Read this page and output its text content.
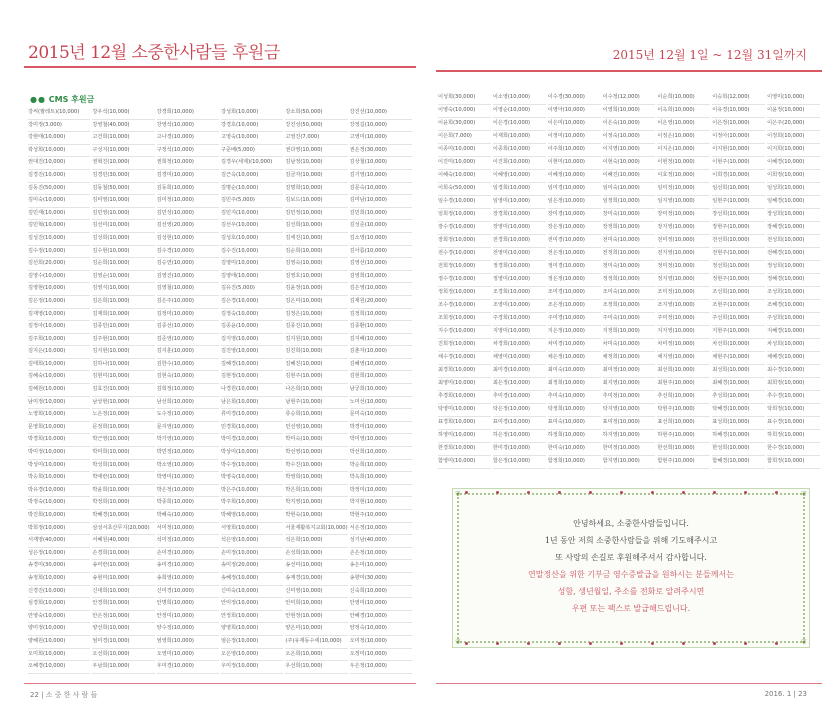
2015년 12월 소중한사람들 후원금	2015년 12월 1일 ~ 12월 31일까지
●● CMS 후원금
강씨(팔레트)(10,000)	강우석(10,000)	강경희(10,000)	강성희(10,000)	강소희(50,000)	강진선(10,000)
강미정(3,000)	강영철(40,000)	강영석(10,000)	강경호(10,000)	강진성(50,000)	강정길(10,000)
강현태(10,000)	고건희(10,000)	고나경(10,000)	고영숙(10,000)	고영진(7,000)	고영미(10,000)
곽성희(10,000)	구성지(10,000)	구정석(10,000)	구준배(5,000)	권다영(10,000)	권은정(30,000)
권대진(10,000)	권혁진(10,000)	권희정(10,000)	김경우(세제)(10,000)	김남정(10,000)	김상철(10,000)
김경진(10,000)	김경민(30,000)	김경미(10,000)	김근옥(10,000)	김금자(10,000)	김기영(10,000)
김동진(50,000)	김동철(50,000)	김동희(10,000)	김명순(10,000)	김명희(10,000)	김문숙(10,000)
김미숙(10,000)	김미영(10,000)	김미정(10,000)	김민주(5,000)	김보드(10,000)	김미남(10,000)
김민재(10,000)	김민영(10,000)	김민성(10,000)	김민지(10,000)	김민정(10,000)	김민희(10,000)
김민혁(10,000)	김선미(10,000)	김선영(20,000)	김선우(10,000)	김선희(10,000)	김성준(10,000)
김성진(10,000)	김성희(10,000)	김성현(10,000)	김성호(10,000)	김세진(10,000)	김소영(10,000)
김수정(10,000)	김수현(10,000)	김수경(10,000)	김수진(10,000)	김순희(10,000)	김아름(10,000)
김선희(20,000)	김순희(10,000)	김승연(10,000)	김영미(10,000)	김영숙(10,000)	김영선(10,000)
김영수(10,000)	김영순(10,000)	김영진(10,000)	김영태(10,000)	김영호(10,000)	김영희(10,000)
김영현(10,000)	김영식(10,000)	김영철(10,000)	김유진(5,000)	김윤정(10,000)	김은영(10,000)
김은정(10,000)	김은희(10,000)	김은주(10,000)	김은경(10,000)	김은미(10,000)	김재원(20,000)
김재영(10,000)	김재희(10,000)	김정미(10,000)	김정숙(10,000)	김정은(10,000)	김정희(10,000)
김정아(10,000)	김종민(10,000)	김종선(10,000)	김종윤(10,000)	김종진(10,000)	김종환(10,000)
김주희(10,000)	김주현(10,000)	김준영(10,000)	김지영(10,000)	김지원(10,000)	김지혜(10,000)
김지은(10,000)	김지현(10,000)	김지훈(10,000)	김진영(10,000)	김진희(10,000)	김춘자(10,000)
김태희(10,000)	김하나(10,000)	김한수(10,000)	김혜경(10,000)	김혜진(10,000)	김혜영(10,000)
김혜숙(10,000)	김현미(10,000)	김현숙(10,000)	김현정(10,000)	김현주(10,000)	김현희(10,000)
김혜원(10,000)	김효진(10,000)	김희정(10,000)	나경원(10,000)	나은희(10,000)	남궁희(10,000)
남미정(10,000)	남상현(10,000)	남선희(10,000)	남은희(10,000)	남현주(10,000)	노미선(10,000)
노영희(10,000)	노은정(10,000)	도수정(10,000)	류미경(10,000)	류승희(10,000)	문미숙(10,000)
문영희(10,000)	문정희(10,000)	문지영(10,000)	민경희(10,000)	민선영(10,000)	박경미(10,000)
박경희(10,000)	박근영(10,000)	박기영(10,000)	박미경(10,000)	박미숙(10,000)	박미영(10,000)
박미정(10,000)	박미희(10,000)	박민정(10,000)	박상미(10,000)	박선영(10,000)	박선희(10,000)
박성미(10,000)	박성희(10,000)	박소영(10,000)	박수정(10,000)	박수진(10,000)	박순희(10,000)
박승희(10,000)	박애란(10,000)	박영미(10,000)	박영숙(10,000)	박영희(10,000)	박옥희(10,000)
박유경(10,000)	박윤희(10,000)	박은정(10,000)	박은주(10,000)	박은희(10,000)	박정미(10,000)
박정숙(10,000)	박정희(10,000)	박종희(10,000)	박주희(10,000)	박지영(10,000)	박지현(10,000)
박진희(10,000)	박혜경(10,000)	박혜숙(10,000)	박혜영(10,000)	박현숙(10,000)	박현주(10,000)
박희정(10,000)	삼성서초산무지(20,000)	서미정(10,000)	서영희(10,000)	서울재활복지교회(10,000) 서은정(10,000)
서재영(40,000)	서혜원(40,000)	석미정(10,000)	석은영(10,000)	석은희(10,000)	성기남(40,000)
성은정(10,000)	손경희(10,000)	손미경(10,000)	손미정(10,000)	손성희(10,000)	손은정(10,000)
송경미(30,000)	송미란(10,000)	송미경(10,000)	송미정(20,000)	송선미(10,000)	송은미(10,000)
송정희(10,000)	송현미(10,000)	송희영(10,000)	송혜정(10,000)	송재경(10,000)	송향미(30,000)
신경진(10,000)	신대희(10,000)	신미경(10,000)	신미숙(10,000)	신미영(10,000)	신숙희(10,000)
심경희(10,000)	안경희(10,000)	안명희(10,000)	안미정(10,000)	안미희(10,000)	안영미(10,000)
안영숙(10,000)	안은정(10,000)	안정미(10,000)	안정희(10,000)	안현정(10,000)	안혜경(10,000)
양미정(10,000)	양선희(10,000)	양수정(10,000)	양영희(10,000)	양은미(10,000)	양정숙(10,000)
양혜원(10,000)	엄미경(10,000)	엄영희(10,000)	엄은정(10,000)	(주)유재동수세(10,000)	오미정(10,000)
오미희(10,000)	오선희(10,000)	오영미(10,000)	오은영(10,000)	오은희(10,000)	오정미(10,000)
오혜경(10,000)	우남희(10,000)	우미경(10,000)	우미정(10,000)	우선희(10,000)	우은정(10,000)
이성희(30,000)	이소영(10,000)	이수경(30,000)	이수정(12,000)	이순희(10,000)	이승희(12,000)	이영미(10,000)
이영숙(10,000)	이영순(10,000)	이영아(10,000)	이영희(10,000)	이옥희(10,000)	이유경(10,000)	이윤정(10,000)
이윤희(30,000)	이은경(10,000)	이은미(10,000)	이은숙(10,000)	이은영(10,000)	이은정(10,000)	이은주(20,000)
이은희(7,000)	이재희(10,000)	이정미(10,000)	이정숙(10,000)	이정은(10,000)	이정아(10,000)	이정희(10,000)
이종미(10,000)	이종희(10,000)	이주희(10,000)	이지영(10,000)	이지은(10,000)	이지현(10,000)	이지희(10,000)
이진미(10,000)	이진희(10,000)	이현미(10,000)	이현숙(10,000)	이현정(10,000)	이현주(10,000)	이혜경(10,000)
이혜숙(10,000)	이혜영(10,000)	이혜정(10,000)	이혜진(10,000)	이효정(10,000)	이희경(10,000)	이희정(10,000)
이희숙(50,000)	임경희(10,000)	임미경(10,000)	임미숙(10,000)	임미정(10,000)	임선희(10,000)	임성희(10,000)
임수경(10,000)	임영미(10,000)	임은정(10,000)	임정희(10,000)	임지영(10,000)	임현주(10,000)	임혜경(10,000)
임희정(10,000)	장경희(10,000)	장미경(10,000)	장미숙(10,000)	장미정(10,000)	장선희(10,000)	장성희(10,000)
장수경(10,000)	장영미(10,000)	장은정(10,000)	장정희(10,000)	장지영(10,000)	장현주(10,000)	장혜경(10,000)
장희정(10,000)	전경희(10,000)	전미경(10,000)	전미숙(10,000)	전미정(10,000)	전선희(10,000)	전성희(10,000)
전수경(10,000)	전영미(10,000)	전은정(10,000)	전정희(10,000)	전지영(10,000)	전현주(10,000)	전혜경(10,000)
전희정(10,000)	정경희(10,000)	정미경(10,000)	정미숙(10,000)	정미정(10,000)	정선희(10,000)	정성희(10,000)
정수경(10,000)	정영미(10,000)	정은정(10,000)	정정희(10,000)	정지영(10,000)	정현주(10,000)	정혜경(10,000)
정희정(10,000)	조경희(10,000)	조미경(10,000)	조미숙(10,000)	조미정(10,000)	조선희(10,000)	조성희(10,000)
조수경(10,000)	조영미(10,000)	조은정(10,000)	조정희(10,000)	조지영(10,000)	조현주(10,000)	조혜경(10,000)
조희정(10,000)	주경희(10,000)	주미경(10,000)	주미숙(10,000)	주미정(10,000)	주선희(10,000)	주성희(10,000)
지수경(10,000)	지영미(10,000)	지은정(10,000)	지정희(10,000)	지지영(10,000)	지현주(10,000)	지혜경(10,000)
진희정(10,000)	차경희(10,000)	차미경(10,000)	차미숙(10,000)	차미정(10,000)	차선희(10,000)	차성희(10,000)
채수경(10,000)	채영미(10,000)	채은정(10,000)	채정희(10,000)	채지영(10,000)	채현주(10,000)	채혜경(10,000)
최경희(10,000)	최미경(10,000)	최미숙(10,000)	최미정(10,000)	최선희(10,000)	최성희(10,000)	최수경(10,000)
최영미(10,000)	최은정(10,000)	최정희(10,000)	최지영(10,000)	최현주(10,000)	최혜경(10,000)	최희정(10,000)
추경희(10,000)	추미경(10,000)	추미숙(10,000)	추미정(10,000)	추선희(10,000)	추성희(10,000)	추수경(10,000)
탁영미(10,000)	탁은정(10,000)	탁정희(10,000)	탁지영(10,000)	탁현주(10,000)	탁혜경(10,000)	탁희정(10,000)
표경희(10,000)	표미경(10,000)	표미숙(10,000)	표미정(10,000)	표선희(10,000)	표성희(10,000)	표수경(10,000)
하영미(10,000)	하은정(10,000)	하정희(10,000)	하지영(10,000)	하현주(10,000)	하혜경(10,000)	하희정(10,000)
한경희(10,000)	한미경(10,000)	한미숙(10,000)	한미정(10,000)	한선희(10,000)	한성희(10,000)	한수경(10,000)
함영미(10,000)	함은정(10,000)	함정희(10,000)	함지영(10,000)	함현주(10,000)	함혜경(10,000)	함희정(10,000)
❦	❦
❦	❦
안녕하세요, 소중한사람들입니다.
1년 동안 저희 소중한사람들을 위해 기도해주시고
또 사랑의 손길로 후원해주셔서 감사합니다.
연말정산을 위한 기부금 영수증발급을 원하시는 분들께서는
성함, 생년월일, 주소를 전화로 알려주시면
우편 또는 팩스로 발급해드립니다.
22 | 소 중 한 사 람 들	2016. 1 | 23
